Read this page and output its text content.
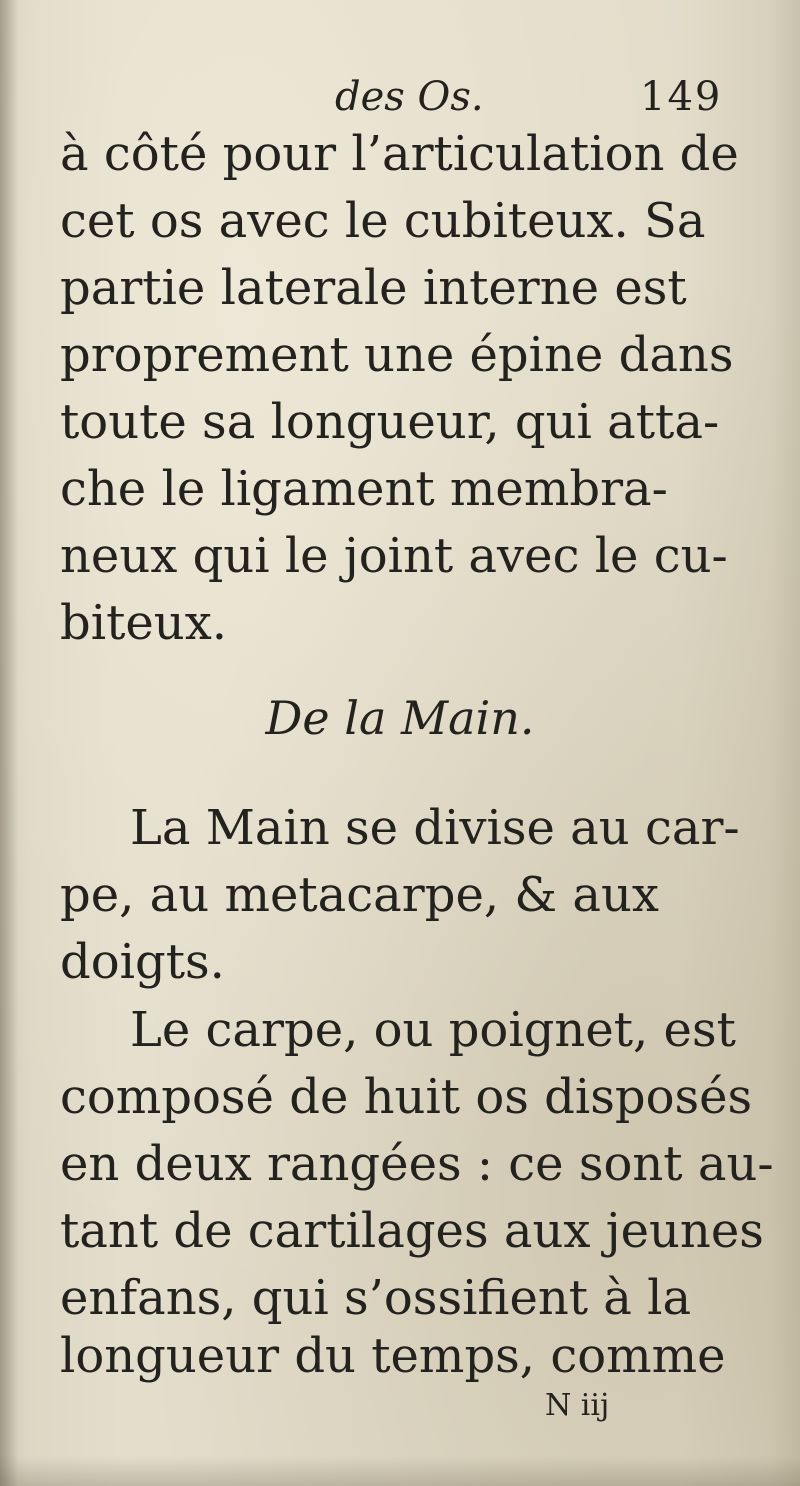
des Os.	149
à côté pour l’articulation de
cet os avec le cubiteux. Sa
partie laterale interne est
proprement une épine dans
toute sa longueur, qui atta-
che le ligament membra-
neux qui le joint avec le cu-
biteux.
De la Main.
La Main se divise au car-
pe, au metacarpe, & aux
doigts.
Le carpe, ou poignet, est
composé de huit os disposés
en deux rangées : ce sont au-
tant de cartilages aux jeunes
enfans, qui s’ossifient à la
longueur du temps, comme
N iij
